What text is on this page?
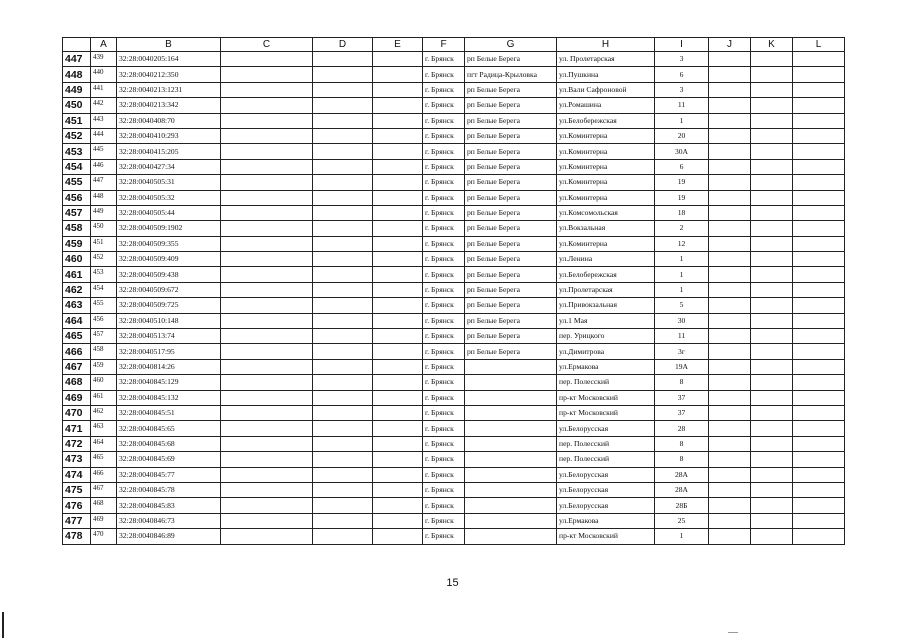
	A	B	C	D	E	F	G	H	I	J	K	L
447	439	32:28:0040205:164				г. Брянск	рп Белые Берега	ул. Пролетарская	3			
448	440	32:28:0040212:350				г. Брянск	пгт Радица-Крыловка	ул.Пушкина	6			
449	441	32:28:0040213:1231				г. Брянск	рп Белые Берега	ул.Вали Сафроновой	3			
450	442	32:28:0040213:342				г. Брянск	рп Белые Берега	ул.Ромашина	11			
451	443	32:28:0040408:70				г. Брянск	рп Белые Берега	ул.Белобережская	1			
452	444	32:28:0040410:293				г. Брянск	рп Белые Берега	ул.Коминтерна	20			
453	445	32:28:0040415:205				г. Брянск	рп Белые Берега	ул.Коминтерна	30А			
454	446	32:28:0040427:34				г. Брянск	рп Белые Берега	ул.Коминтерна	6			
455	447	32:28:0040505:31				г. Брянск	рп Белые Берега	ул.Коминтерна	19			
456	448	32:28:0040505:32				г. Брянск	рп Белые Берега	ул.Коминтерна	19			
457	449	32:28:0040505:44				г. Брянск	рп Белые Берега	ул.Комсомольская	18			
458	450	32:28:0040509:1902				г. Брянск	рп Белые Берега	ул.Вокзальная	2			
459	451	32:28:0040509:355				г. Брянск	рп Белые Берега	ул.Коминтерна	12			
460	452	32:28:0040509:409				г. Брянск	рп Белые Берега	ул.Ленина	1			
461	453	32:28:0040509:438				г. Брянск	рп Белые Берега	ул.Белобережская	1			
462	454	32:28:0040509:672				г. Брянск	рп Белые Берега	ул.Пролетарская	1			
463	455	32:28:0040509:725				г. Брянск	рп Белые Берега	ул.Привокзальная	5			
464	456	32:28:0040510:148				г. Брянск	рп Белые Берега	ул.1 Мая	30			
465	457	32:28:0040513:74				г. Брянск	рп Белые Берега	пер. Урицкого	11			
466	458	32:28:0040517:95				г. Брянск	рп Белые Берега	ул.Димитрова	3г			
467	459	32:28:0040814:26				г. Брянск		ул.Ермакова	19А			
468	460	32:28:0040845:129				г. Брянск		пер. Полесский	8			
469	461	32:28:0040845:132				г. Брянск		пр-кт Московский	37			
470	462	32:28:0040845:51				г. Брянск		пр-кт Московский	37			
471	463	32:28:0040845:65				г. Брянск		ул.Белорусская	28			
472	464	32:28:0040845:68				г. Брянск		пер. Полесский	8			
473	465	32:28:0040845:69				г. Брянск		пер. Полесский	8			
474	466	32:28:0040845:77				г. Брянск		ул.Белорусская	28А			
475	467	32:28:0040845:78				г. Брянск		ул.Белорусская	28А			
476	468	32:28:0040845:83				г. Брянск		ул.Белорусская	28Б			
477	469	32:28:0040846:73				г. Брянск		ул.Ермакова	25			
478	470	32:28:0040846:89				г. Брянск		пр-кт Московский	1			
15
